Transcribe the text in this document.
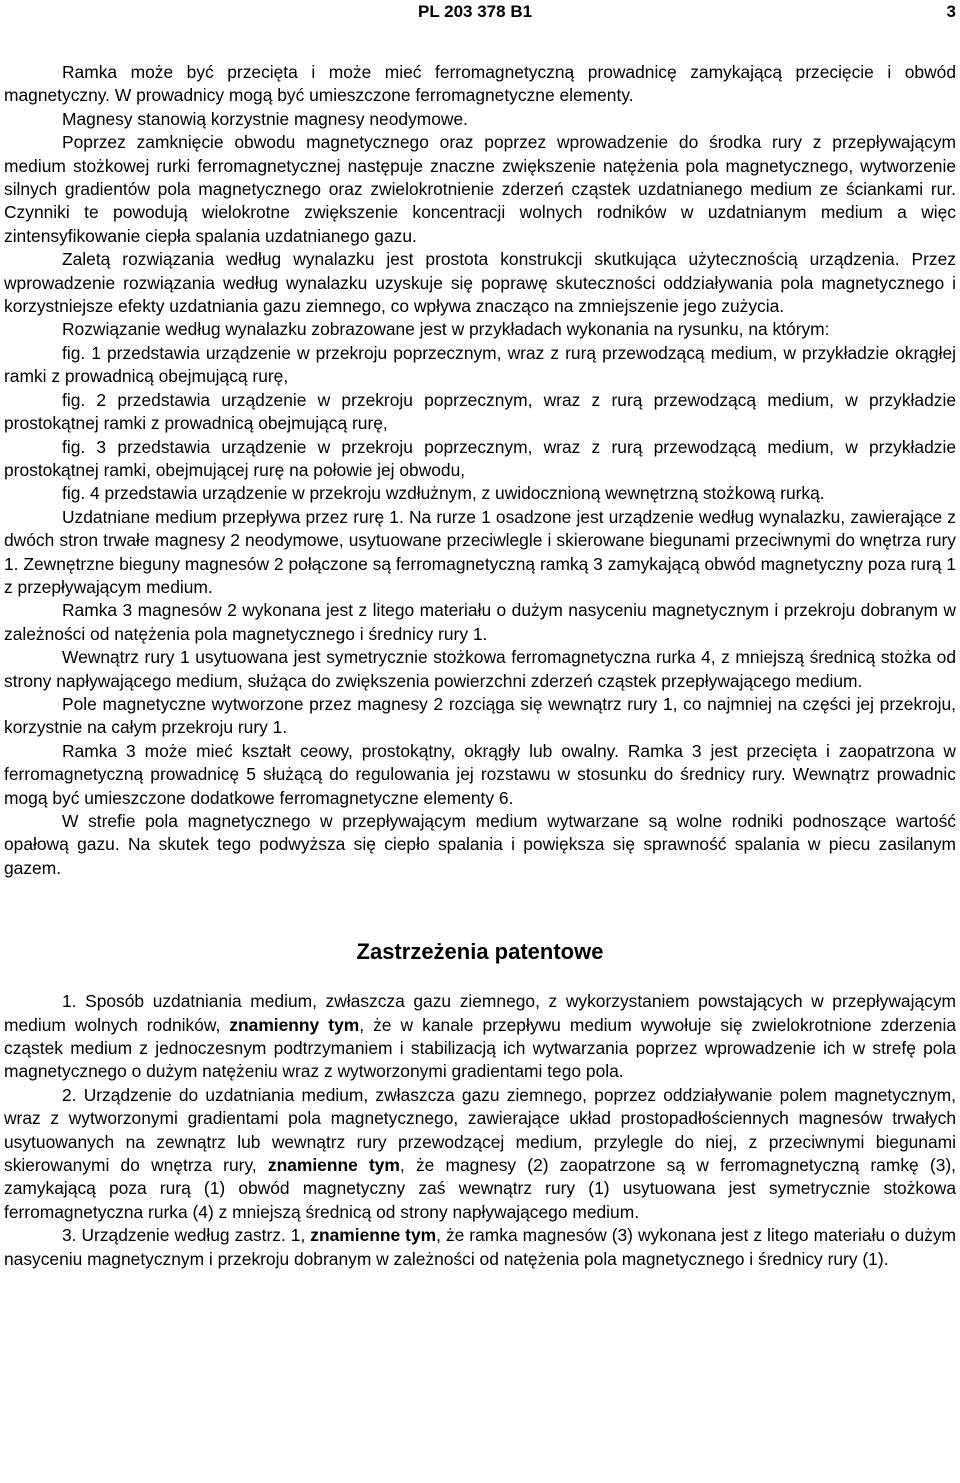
PL 203 378 B1	3

Ramka może być przecięta i może mieć ferromagnetyczną prowadnicę zamykającą przecięcie i obwód magnetyczny. W prowadnicy mogą być umieszczone ferromagnetyczne elementy.

Magnesy stanowią korzystnie magnesy neodymowe.

Poprzez zamknięcie obwodu magnetycznego oraz poprzez wprowadzenie do środka rury z przepływającym medium stożkowej rurki ferromagnetycznej następuje znaczne zwiększenie natężenia pola magnetycznego, wytworzenie silnych gradientów pola magnetycznego oraz zwielokrotnienie zderzeń cząstek uzdatnianego medium ze ściankami rur. Czynniki te powodują wielokrotne zwiększenie koncentracji wolnych rodników w uzdatnianym medium a więc zintensyfikowanie ciepła spalania uzdatnianego gazu.

Zaletą rozwiązania według wynalazku jest prostota konstrukcji skutkująca użytecznością urządzenia. Przez wprowadzenie rozwiązania według wynalazku uzyskuje się poprawę skuteczności oddziaływania pola magnetycznego i korzystniejsze efekty uzdatniania gazu ziemnego, co wpływa znacząco na zmniejszenie jego zużycia.

Rozwiązanie według wynalazku zobrazowane jest w przykładach wykonania na rysunku, na którym:

fig. 1 przedstawia urządzenie w przekroju poprzecznym, wraz z rurą przewodzącą medium, w przykładzie okrągłej ramki z prowadnicą obejmującą rurę,

fig. 2 przedstawia urządzenie w przekroju poprzecznym, wraz z rurą przewodzącą medium, w przykładzie prostokątnej ramki z prowadnicą obejmującą rurę,

fig. 3 przedstawia urządzenie w przekroju poprzecznym, wraz z rurą przewodzącą medium, w przykładzie prostokątnej ramki, obejmującej rurę na połowie jej obwodu,

fig. 4 przedstawia urządzenie w przekroju wzdłużnym, z uwidocznioną wewnętrzną stożkową rurką.

Uzdatniane medium przepływa przez rurę 1. Na rurze 1 osadzone jest urządzenie według wynalazku, zawierające z dwóch stron trwałe magnesy 2 neodymowe, usytuowane przeciwlegle i skierowane biegunami przeciwnymi do wnętrza rury 1. Zewnętrzne bieguny magnesów 2 połączone są ferromagnetyczną ramką 3 zamykającą obwód magnetyczny poza rurą 1 z przepływającym medium.

Ramka 3 magnesów 2 wykonana jest z litego materiału o dużym nasyceniu magnetycznym i przekroju dobranym w zależności od natężenia pola magnetycznego i średnicy rury 1.

Wewnątrz rury 1 usytuowana jest symetrycznie stożkowa ferromagnetyczna rurka 4, z mniejszą średnicą stożka od strony napływającego medium, służąca do zwiększenia powierzchni zderzeń cząstek przepływającego medium.

Pole magnetyczne wytworzone przez magnesy 2 rozciąga się wewnątrz rury 1, co najmniej na części jej przekroju, korzystnie na całym przekroju rury 1.

Ramka 3 może mieć kształt ceowy, prostokątny, okrągły lub owalny. Ramka 3 jest przecięta i zaopatrzona w ferromagnetyczną prowadnicę 5 służącą do regulowania jej rozstawu w stosunku do średnicy rury. Wewnątrz prowadnic mogą być umieszczone dodatkowe ferromagnetyczne elementy 6.

W strefie pola magnetycznego w przepływającym medium wytwarzane są wolne rodniki podnoszące wartość opałową gazu. Na skutek tego podwyższa się ciepło spalania i powiększa się sprawność spalania w piecu zasilanym gazem.

Zastrzeżenia patentowe

1. Sposób uzdatniania medium, zwłaszcza gazu ziemnego, z wykorzystaniem powstających w przepływającym medium wolnych rodników, znamienny tym, że w kanale przepływu medium wywołuje się zwielokrotnione zderzenia cząstek medium z jednoczesnym podtrzymaniem i stabilizacją ich wytwarzania poprzez wprowadzenie ich w strefę pola magnetycznego o dużym natężeniu wraz z wytworzonymi gradientami tego pola.

2. Urządzenie do uzdatniania medium, zwłaszcza gazu ziemnego, poprzez oddziaływanie polem magnetycznym, wraz z wytworzonymi gradientami pola magnetycznego, zawierające układ prostopadłościennych magnesów trwałych usytuowanych na zewnątrz lub wewnątrz rury przewodzącej medium, przylegle do niej, z przeciwnymi biegunami skierowanymi do wnętrza rury, znamienne tym, że magnesy (2) zaopatrzone są w ferromagnetyczną ramkę (3), zamykającą poza rurą (1) obwód magnetyczny zaś wewnątrz rury (1) usytuowana jest symetrycznie stożkowa ferromagnetyczna rurka (4) z mniejszą średnicą od strony napływającego medium.

3. Urządzenie według zastrz. 1, znamienne tym, że ramka magnesów (3) wykonana jest z litego materiału o dużym nasyceniu magnetycznym i przekroju dobranym w zależności od natężenia pola magnetycznego i średnicy rury (1).
